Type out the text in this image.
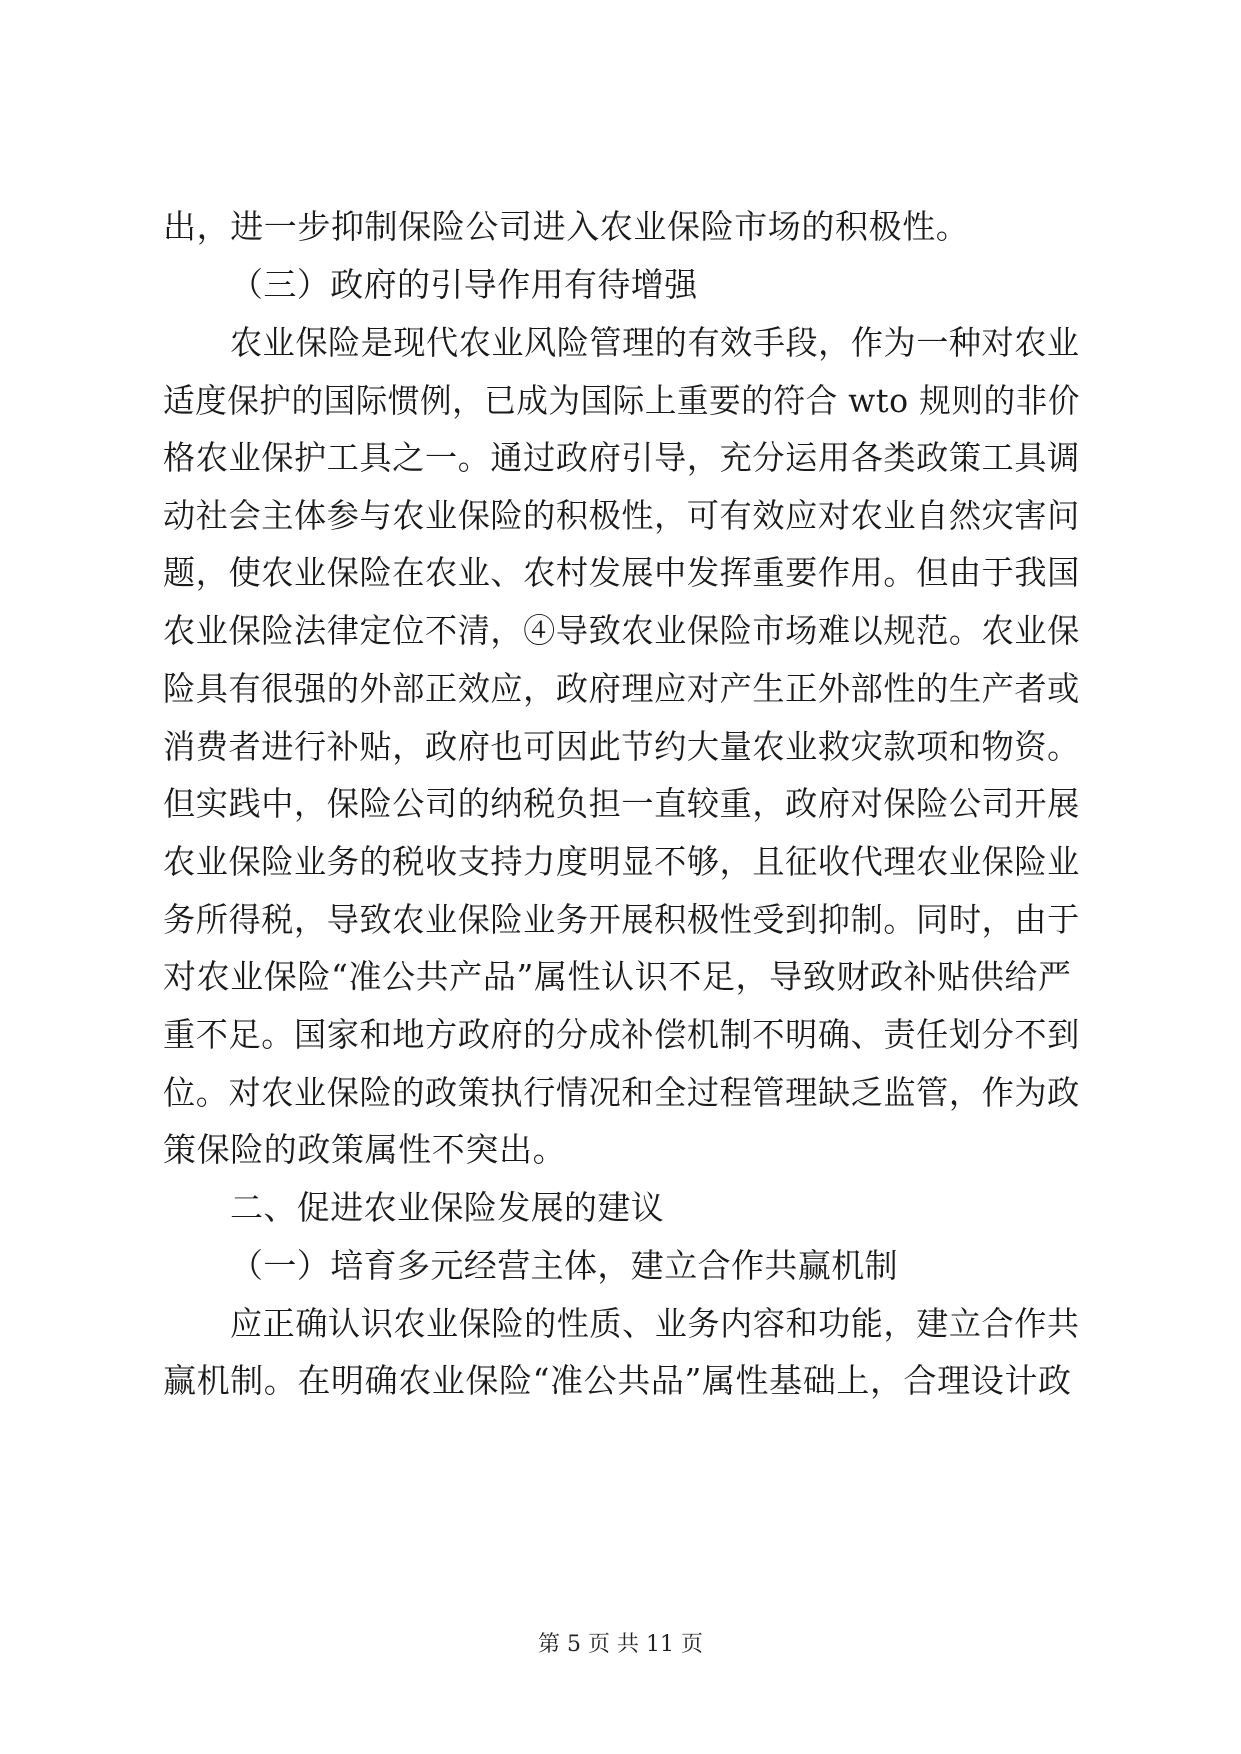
出，进一步抑制保险公司进入农业保险市场的积极性。
（三）政府的引导作用有待增强
农业保险是现代农业风险管理的有效手段，作为一种对农业
适度保护的国际惯例，已成为国际上重要的符合 wto 规则的非价
格农业保护工具之一。通过政府引导，充分运用各类政策工具调
动社会主体参与农业保险的积极性，可有效应对农业自然灾害问
题，使农业保险在农业、农村发展中发挥重要作用。但由于我国
农业保险法律定位不清，④导致农业保险市场难以规范。农业保
险具有很强的外部正效应，政府理应对产生正外部性的生产者或
消费者进行补贴，政府也可因此节约大量农业救灾款项和物资。
但实践中，保险公司的纳税负担一直较重，政府对保险公司开展
农业保险业务的税收支持力度明显不够，且征收代理农业保险业
务所得税，导致农业保险业务开展积极性受到抑制。同时，由于
对农业保险“准公共产品”属性认识不足，导致财政补贴供给严
重不足。国家和地方政府的分成补偿机制不明确、责任划分不到
位。对农业保险的政策执行情况和全过程管理缺乏监管，作为政
策保险的政策属性不突出。
二、促进农业保险发展的建议
（一）培育多元经营主体，建立合作共赢机制
应正确认识农业保险的性质、业务内容和功能，建立合作共
赢机制。在明确农业保险“准公共品”属性基础上，合理设计政
第 5 页 共 11 页
